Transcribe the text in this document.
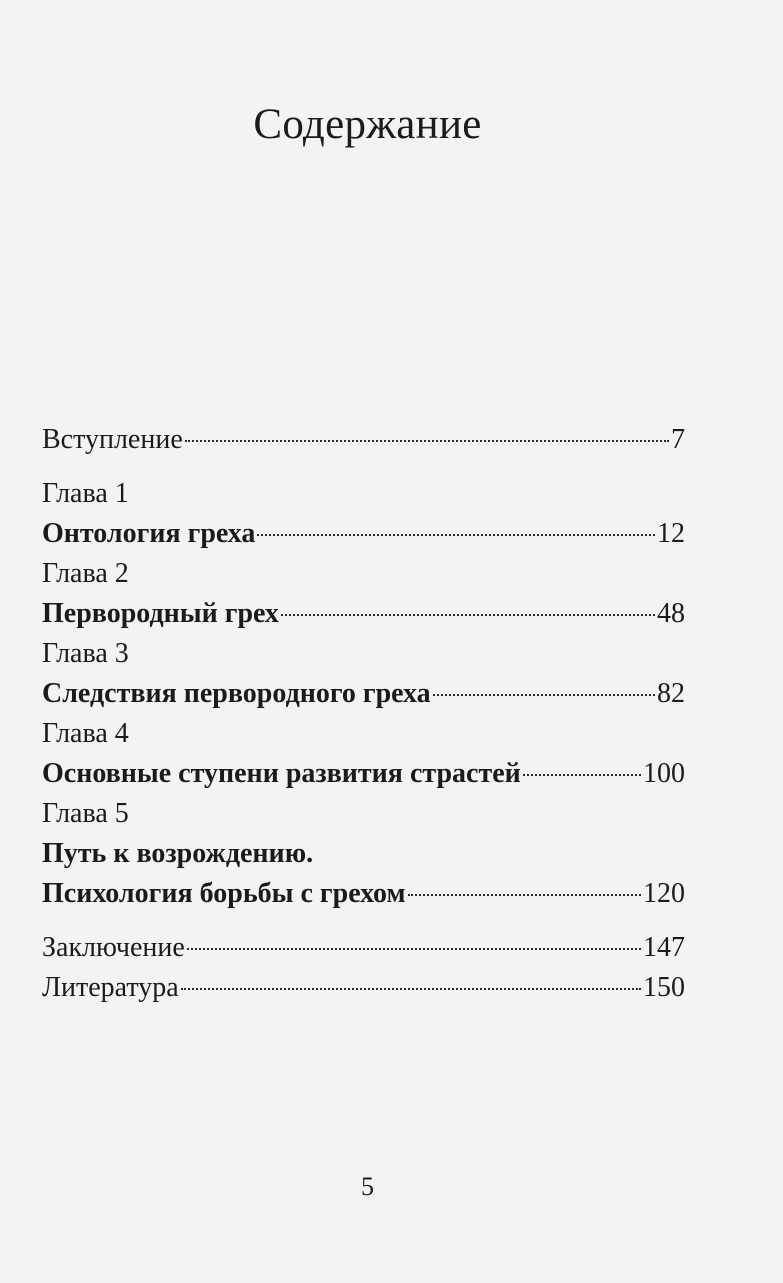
Содержание
Вступление	7
Глава 1
Онтология греха	12
Глава 2
Первородный грех	48
Глава 3
Следствия первородного греха	82
Глава 4
Основные ступени развития страстей	100
Глава 5
Путь к возрождению.
Психология борьбы с грехом	120
Заключение	147
Литература	150
5
